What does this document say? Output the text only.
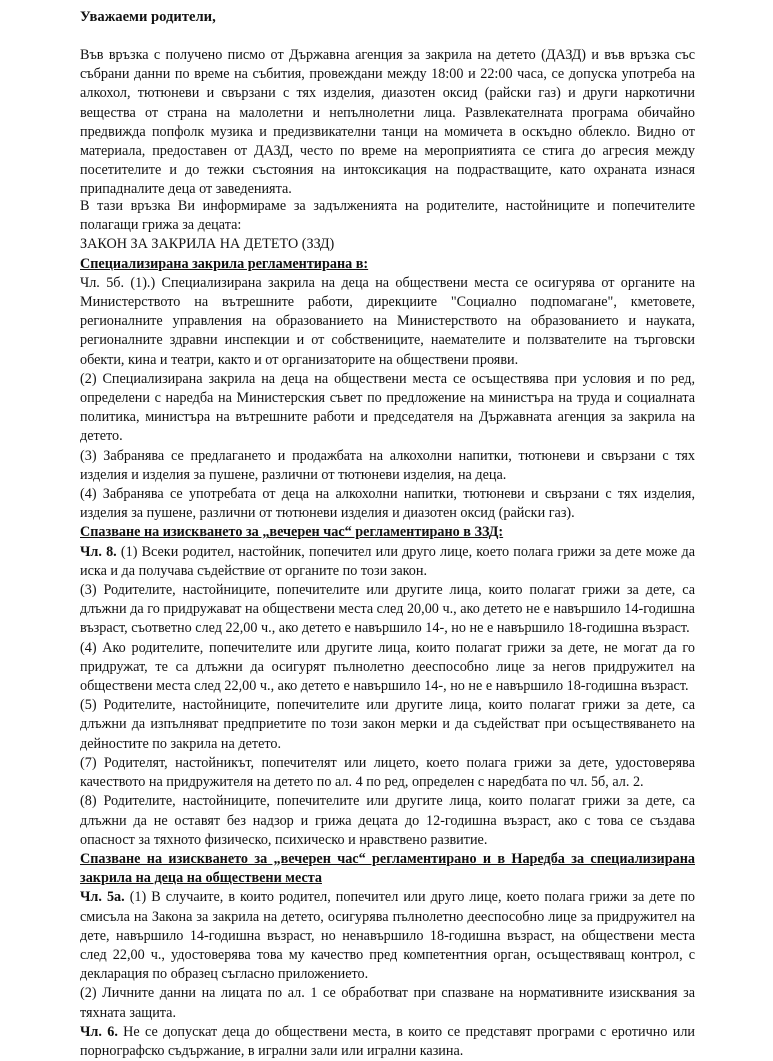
Уважаеми родители,

Във връзка с получено писмо от Държавна агенция за закрила на детето (ДАЗД) и във връзка със събрани данни по време на събития, провеждани между 18:00 и 22:00 часа, се допуска употреба на алкохол, тютюневи и свързани с тях изделия, диазотен оксид (райски газ) и други наркотични вещества от страна на малолетни и непълнолетни лица. Развлекателната програма обичайно предвижда попфолк музика и предизвикателни танци на момичета в оскъдно облекло. Видно от материала, предоставен от ДАЗД, често по време на мероприятията се стига до агресия между посетителите и до тежки състояния на интоксикация на подрастващите, като охраната изнася припадналите деца от заведенията.

В тази връзка Ви информираме за задълженията на родителите, настойниците и попечителите полагащи грижа за децата:

ЗАКОН ЗА ЗАКРИЛА НА ДЕТЕТО (ЗЗД)

Специализирана закрила регламентирана в:

Чл. 5б. (1).) Специализирана закрила на деца на обществени места се осигурява от органите на Министерството на вътрешните работи, дирекциите "Социално подпомагане", кметовете, регионалните управления на образованието на Министерството на образованието и науката, регионалните здравни инспекции и от собствениците, наемателите и ползвателите на търговски обекти, кина и театри, както и от организаторите на обществени прояви.

(2) Специализирана закрила на деца на обществени места се осъществява при условия и по ред, определени с наредба на Министерския съвет по предложение на министъра на труда и социалната политика, министъра на вътрешните работи и председателя на Държавната агенция за закрила на детето.

(3) Забранява се предлагането и продажбата на алкохолни напитки, тютюневи и свързани с тях изделия и изделия за пушене, различни от тютюневи изделия, на деца.

(4) Забранява се употребата от деца на алкохолни напитки, тютюневи и свързани с тях изделия, изделия за пушене, различни от тютюневи изделия и диазотен оксид (райски газ).

Спазване на изискването за „вечерен час“ регламентирано в ЗЗД:

Чл. 8. (1) Всеки родител, настойник, попечител или друго лице, което полага грижи за дете може да иска и да получава съдействие от органите по този закон.

(3) Родителите, настойниците, попечителите или другите лица, които полагат грижи за дете, са длъжни да го придружават на обществени места след 20,00 ч., ако детето не е навършило 14-годишна възраст, съответно след 22,00 ч., ако детето е навършило 14-, но не е навършило 18-годишна възраст.

(4) Ако родителите, попечителите или другите лица, които полагат грижи за дете, не могат да го придружат, те са длъжни да осигурят пълнолетно дееспособно лице за негов придружител на обществени места след 22,00 ч., ако детето е навършило 14-, но не е навършило 18-годишна възраст.

(5) Родителите, настойниците, попечителите или другите лица, които полагат грижи за дете, са длъжни да изпълняват предприетите по този закон мерки и да съдействат при осъществяването на дейностите по закрила на детето.

(7) Родителят, настойникът, попечителят или лицето, което полага грижи за дете, удостоверява качеството на придружителя на детето по ал. 4 по ред, определен с наредбата по чл. 5б, ал. 2.

(8) Родителите, настойниците, попечителите или другите лица, които полагат грижи за дете, са длъжни да не оставят без надзор и грижа децата до 12-годишна възраст, ако с това се създава опасност за тяхното физическо, психическо и нравствено развитие.

Спазване на изискването за „вечерен час“ регламентирано и в Наредба за специализирана закрила на деца на обществени места

Чл. 5а. (1) В случаите, в които родител, попечител или друго лице, което полага грижи за дете по смисъла на Закона за закрила на детето, осигурява пълнолетно дееспособно лице за придружител на дете, навършило 14-годишна възраст, но ненавършило 18-годишна възраст, на обществени места след 22,00 ч., удостоверява това му качество пред компетентния орган, осъществяващ контрол, с декларация по образец съгласно приложението.

(2) Личните данни на лицата по ал. 1 се обработват при спазване на нормативните изисквания за тяхната защита.

Чл. 6. Не се допускат деца до обществени места, в които се представят програми с еротично или порнографско съдържание, в игрални зали или игрални казина.
